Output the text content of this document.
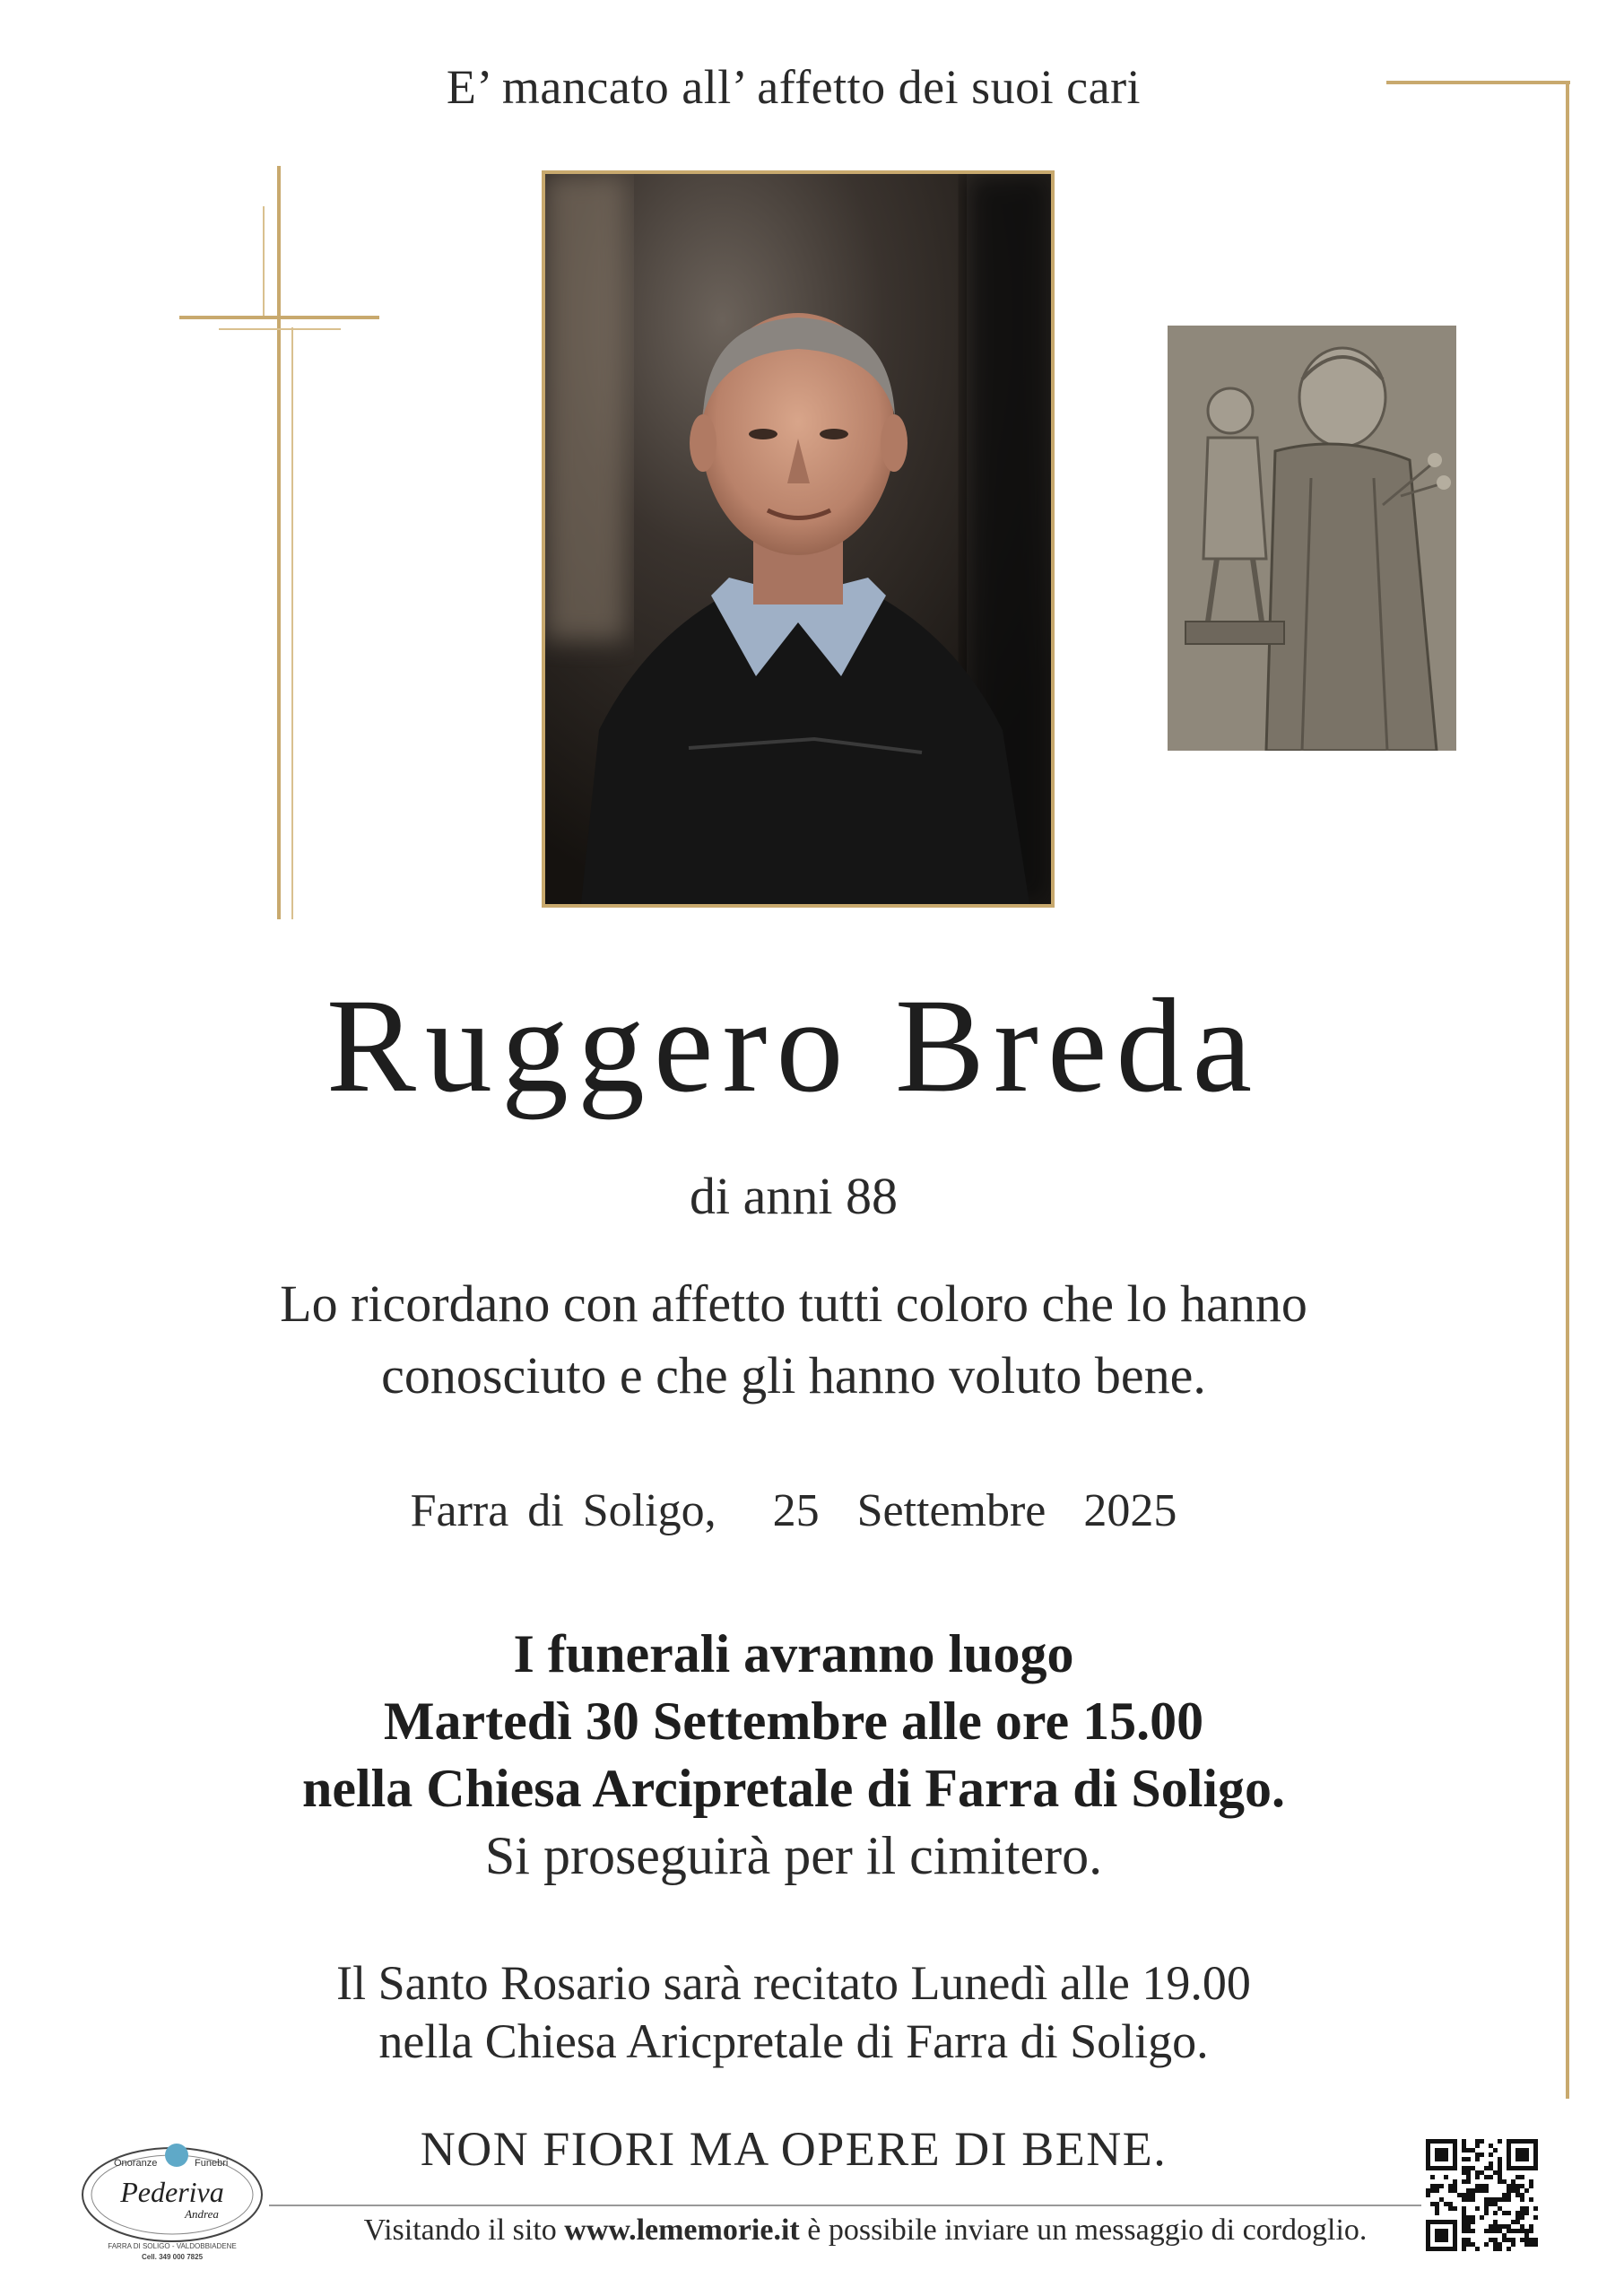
E’ mancato all’ affetto dei suoi cari
Ruggero Breda
di anni 88
Lo ricordano con affetto tutti coloro che lo hanno
conosciuto e che gli hanno voluto bene.
Farra di Soligo,   25  Settembre  2025
I funerali avranno luogo
Martedì 30 Settembre alle ore 15.00
nella Chiesa Arcipretale di Farra di Soligo.
Si proseguirà per il cimitero.
Il Santo Rosario sarà recitato Lunedì alle 19.00
nella Chiesa Aricpretale di Farra di Soligo.
NON FIORI MA OPERE DI BENE.
Visitando il sito www.lememorie.it è possibile inviare un messaggio di cordoglio.
Onoranze	Funebri
Pederiva
Andrea
FARRA DI SOLIGO - VALDOBBIADENE
Cell. 349 000 7825
